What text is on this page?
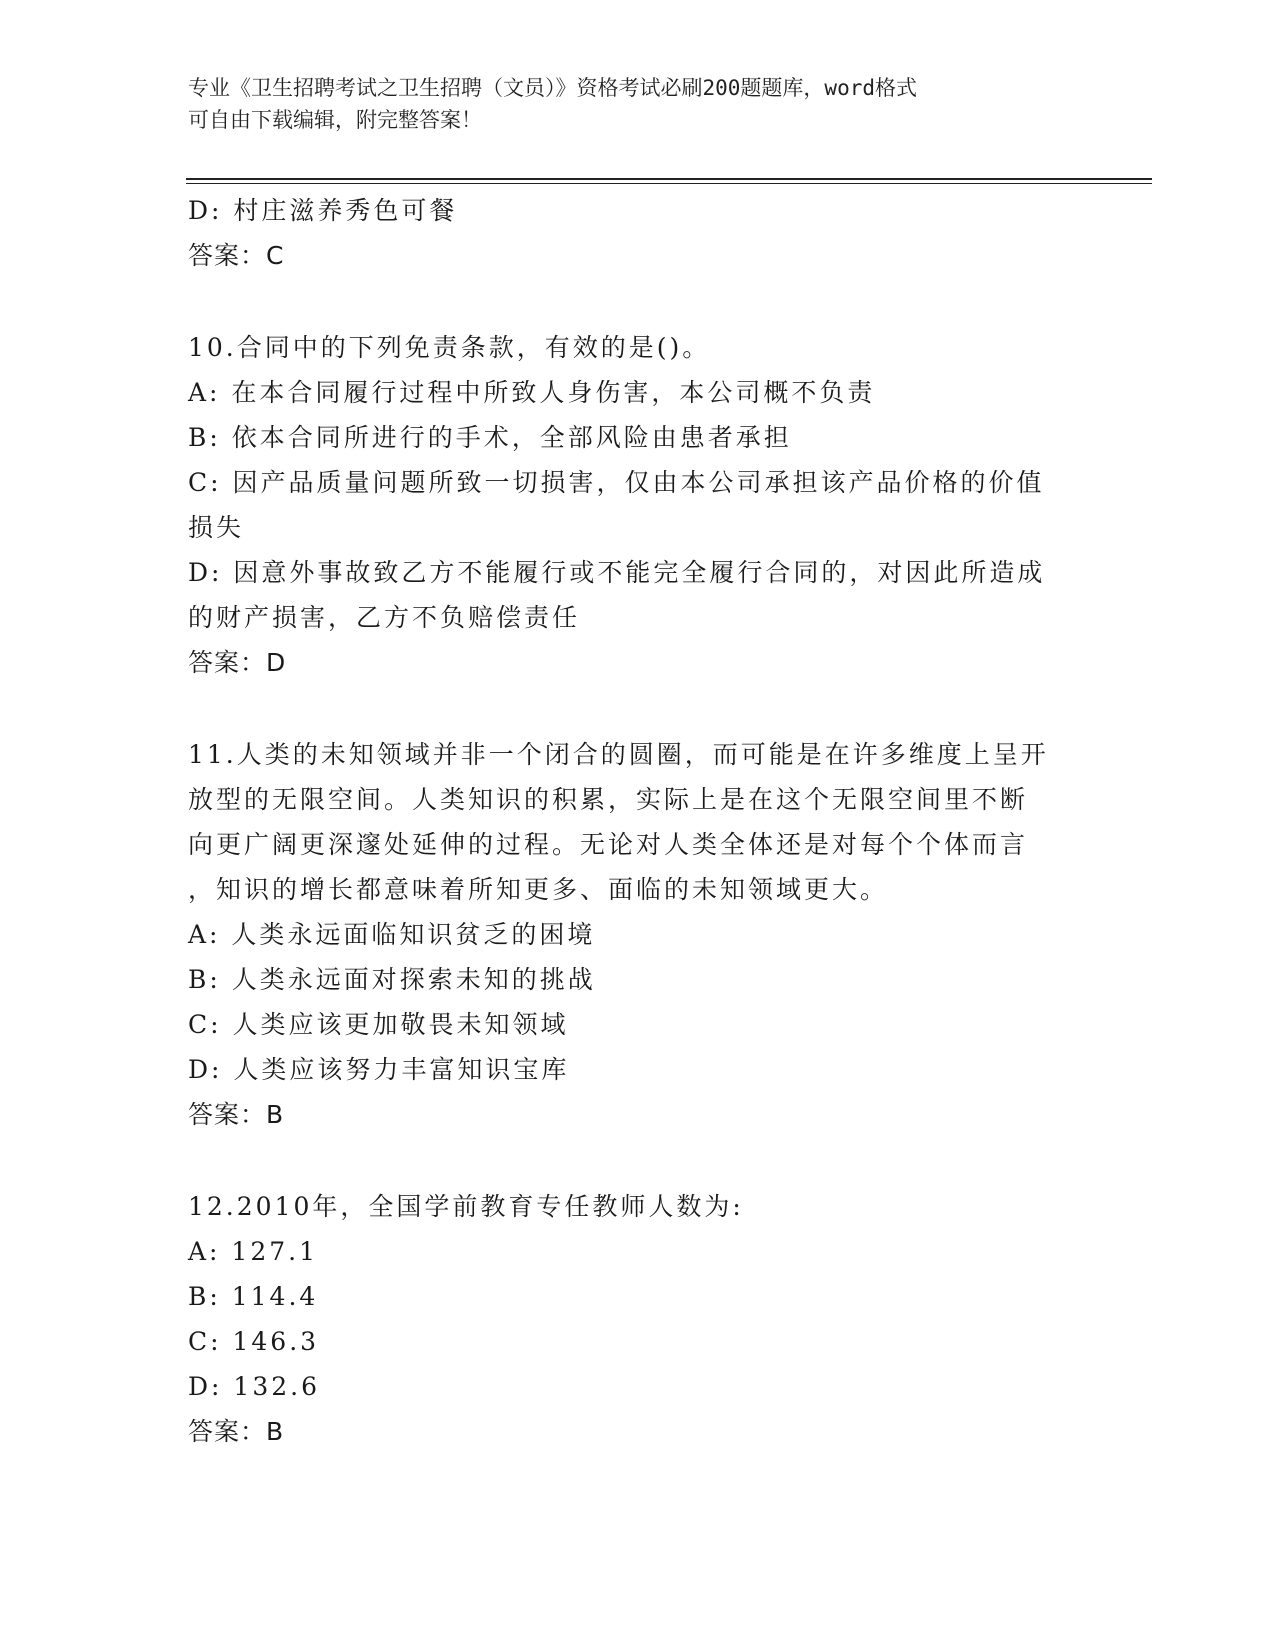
专业《卫生招聘考试之卫生招聘（文员）》资格考试必刷200题题库，word格式
可自由下载编辑，附完整答案！

D: 村庄滋养秀色可餐

答案：C

10.合同中的下列免责条款，有效的是()。

A: 在本合同履行过程中所致人身伤害，本公司概不负责

B: 依本合同所进行的手术，全部风险由患者承担

C: 因产品质量问题所致一切损害，仅由本公司承担该产品价格的价值

损失

D: 因意外事故致乙方不能履行或不能完全履行合同的，对因此所造成

的财产损害，乙方不负赔偿责任

答案：D

11.人类的未知领域并非一个闭合的圆圈，而可能是在许多维度上呈开

放型的无限空间。人类知识的积累，实际上是在这个无限空间里不断

向更广阔更深邃处延伸的过程。无论对人类全体还是对每个个体而言

，知识的增长都意味着所知更多、面临的未知领域更大。

A: 人类永远面临知识贫乏的困境

B: 人类永远面对探索未知的挑战

C: 人类应该更加敬畏未知领域

D: 人类应该努力丰富知识宝库

答案：B

12.2010年，全国学前教育专任教师人数为:

A: 127.1

B: 114.4

C: 146.3

D: 132.6

答案：B
